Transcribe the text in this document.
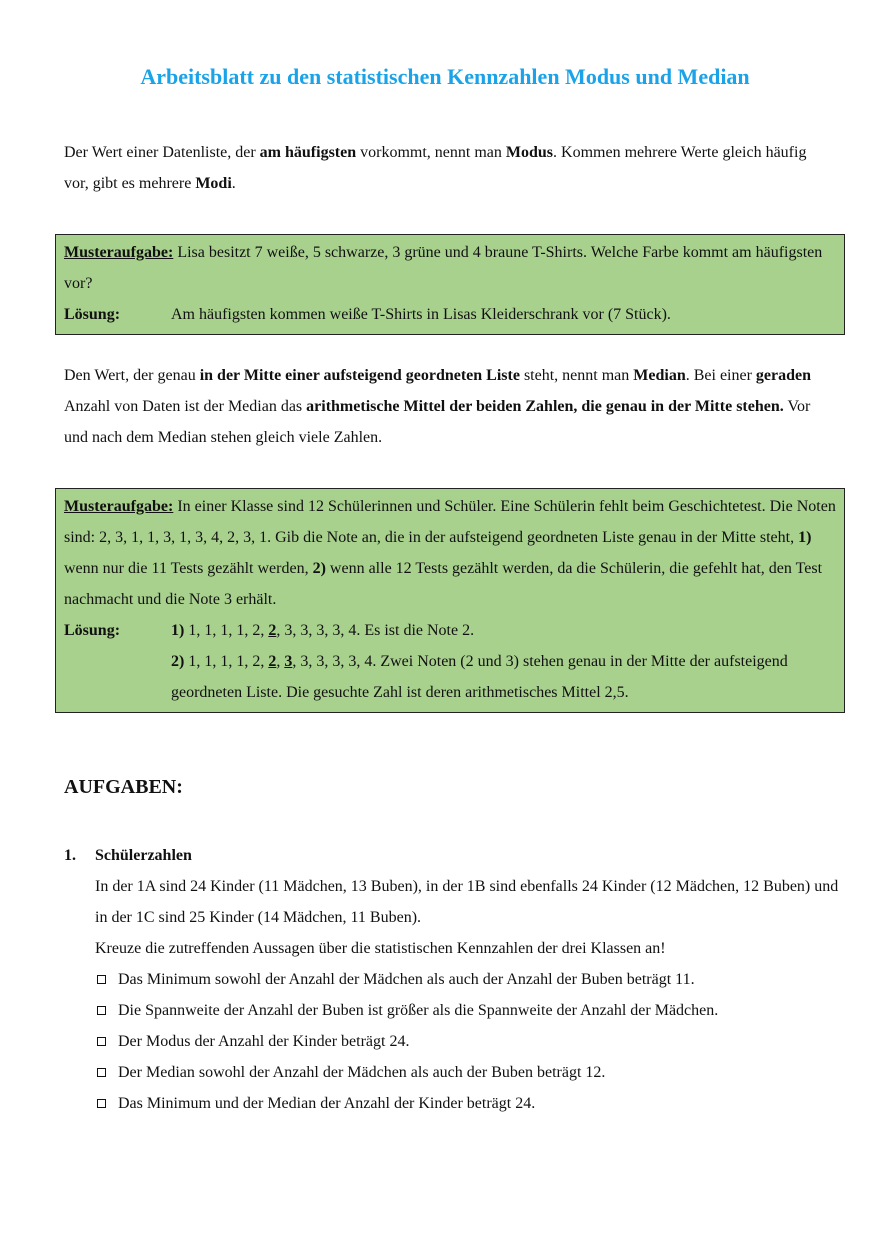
Arbeitsblatt zu den statistischen Kennzahlen Modus und Median
Der Wert einer Datenliste, der am häufigsten vorkommt, nennt man Modus. Kommen mehrere Werte gleich häufig vor, gibt es mehrere Modi.
Musteraufgabe: Lisa besitzt 7 weiße, 5 schwarze, 3 grüne und 4 braune T-Shirts. Welche Farbe kommt am häufigsten vor?
Lösung:	Am häufigsten kommen weiße T-Shirts in Lisas Kleiderschrank vor (7 Stück).
Den Wert, der genau in der Mitte einer aufsteigend geordneten Liste steht, nennt man Median. Bei einer geraden Anzahl von Daten ist der Median das arithmetische Mittel der beiden Zahlen, die genau in der Mitte stehen. Vor und nach dem Median stehen gleich viele Zahlen.
Musteraufgabe: In einer Klasse sind 12 Schülerinnen und Schüler. Eine Schülerin fehlt beim Geschichtetest. Die Noten sind: 2, 3, 1, 1, 3, 1, 3, 4, 2, 3, 1. Gib die Note an, die in der aufsteigend geordneten Liste genau in der Mitte steht, 1) wenn nur die 11 Tests gezählt werden, 2) wenn alle 12 Tests gezählt werden, da die Schülerin, die gefehlt hat, den Test nachmacht und die Note 3 erhält.
Lösung:	1) 1, 1, 1, 1, 2, 2, 3, 3, 3, 3, 4. Es ist die Note 2.
2) 1, 1, 1, 1, 2, 2, 3, 3, 3, 3, 3, 4. Zwei Noten (2 und 3) stehen genau in der Mitte der aufsteigend geordneten Liste. Die gesuchte Zahl ist deren arithmetisches Mittel 2,5.
AUFGABEN:
1. Schülerzahlen
In der 1A sind 24 Kinder (11 Mädchen, 13 Buben), in der 1B sind ebenfalls 24 Kinder (12 Mädchen, 12 Buben) und in der 1C sind 25 Kinder (14 Mädchen, 11 Buben).
Kreuze die zutreffenden Aussagen über die statistischen Kennzahlen der drei Klassen an!
Das Minimum sowohl der Anzahl der Mädchen als auch der Anzahl der Buben beträgt 11.
Die Spannweite der Anzahl der Buben ist größer als die Spannweite der Anzahl der Mädchen.
Der Modus der Anzahl der Kinder beträgt 24.
Der Median sowohl der Anzahl der Mädchen als auch der Buben beträgt 12.
Das Minimum und der Median der Anzahl der Kinder beträgt 24.
